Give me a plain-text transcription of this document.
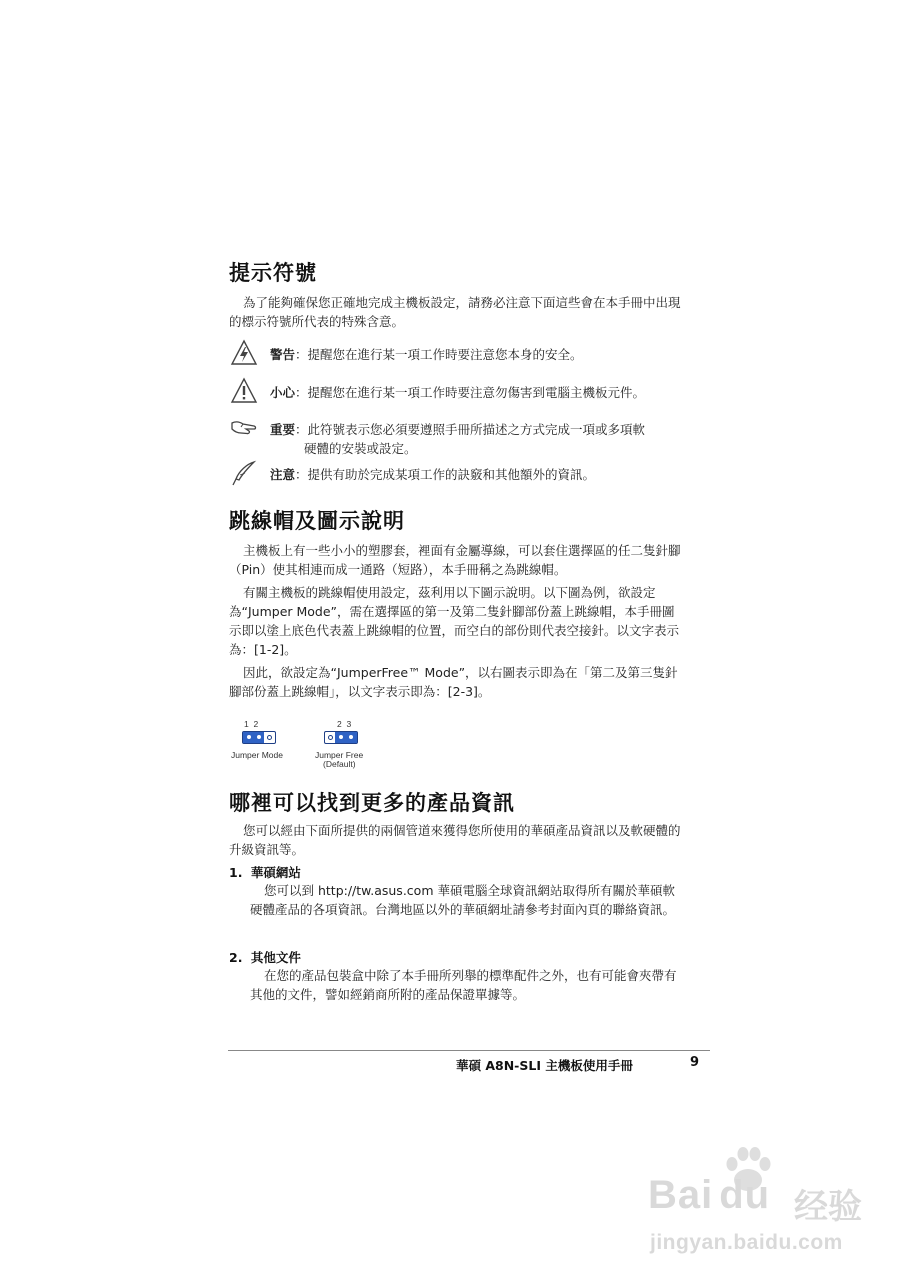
提示符號
為了能夠確保您正確地完成主機板設定，請務必注意下面這些會在本手冊中出現的標示符號所代表的特殊含意。
警告：提醒您在進行某一項工作時要注意您本身的安全。
小心：提醒您在進行某一項工作時要注意勿傷害到電腦主機板元件。
重要：此符號表示您必須要遵照手冊所描述之方式完成一項或多項軟
硬體的安裝或設定。
注意：提供有助於完成某項工作的訣竅和其他額外的資訊。
跳線帽及圖示說明
主機板上有一些小小的塑膠套，裡面有金屬導線，可以套住選擇區的任二隻針腳（Pin）使其相連而成一通路（短路），本手冊稱之為跳線帽。
有關主機板的跳線帽使用設定，茲利用以下圖示說明。以下圖為例，欲設定為“Jumper Mode”，需在選擇區的第一及第二隻針腳部份蓋上跳線帽，本手冊圖示即以塗上底色代表蓋上跳線帽的位置，而空白的部份則代表空接針。以文字表示為：[1-2]。
因此，欲設定為“JumperFree™ Mode”，以右圖表示即為在「第二及第三隻針腳部份蓋上跳線帽」，以文字表示即為：[2-3]。
1  2
Jumper Mode
2  3
Jumper Free
(Default)
哪裡可以找到更多的產品資訊
您可以經由下面所提供的兩個管道來獲得您所使用的華碩產品資訊以及軟硬體的升級資訊等。
1. 華碩網站
您可以到 http://tw.asus.com 華碩電腦全球資訊網站取得所有關於華碩軟硬體產品的各項資訊。台灣地區以外的華碩網址請參考封面內頁的聯絡資訊。
2. 其他文件
在您的產品包裝盒中除了本手冊所列舉的標準配件之外，也有可能會夾帶有其他的文件，譬如經銷商所附的產品保證單據等。
華碩 A8N-SLI 主機板使用手冊	9
Bai du 经验
jingyan.baidu.com
